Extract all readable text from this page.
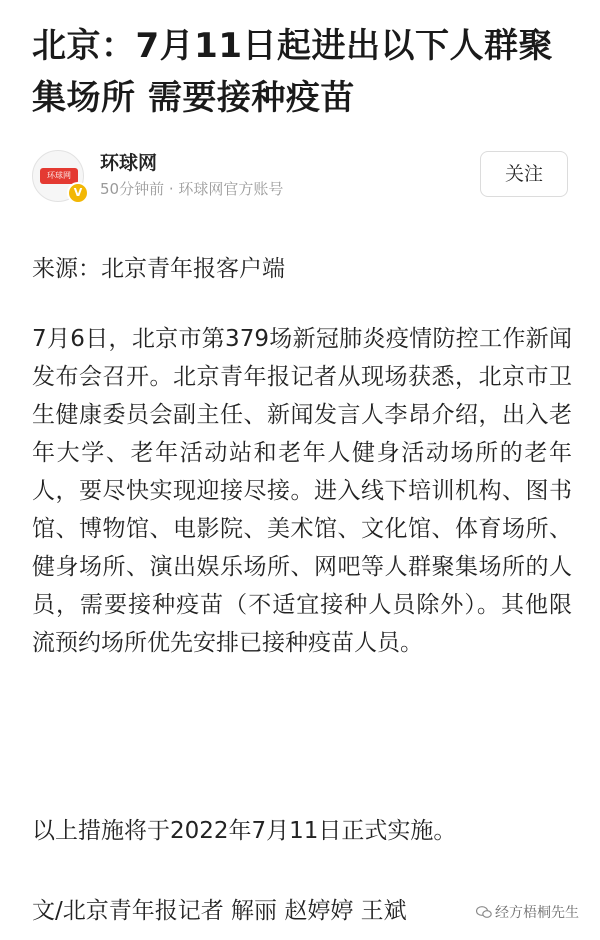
北京：7月11日起进出以下人群聚集场所 需要接种疫苗
环球网
V
环球网
50分钟前 · 环球网官方账号
关注

来源：北京青年报客户端

7月6日，北京市第379场新冠肺炎疫情防控工作新闻发布会召开。北京青年报记者从现场获悉，北京市卫生健康委员会副主任、新闻发言人李昂介绍，出入老年大学、老年活动站和老年人健身活动场所的老年人，要尽快实现迎接尽接。进入线下培训机构、图书馆、博物馆、电影院、美术馆、文化馆、体育场所、健身场所、演出娱乐场所、网吧等人群聚集场所的人员，需要接种疫苗（不适宜接种人员除外）。其他限流预约场所优先安排已接种疫苗人员。

以上措施将于2022年7月11日正式实施。

文/北京青年报记者 解丽 赵婷婷 王斌	经方梧桐先生
